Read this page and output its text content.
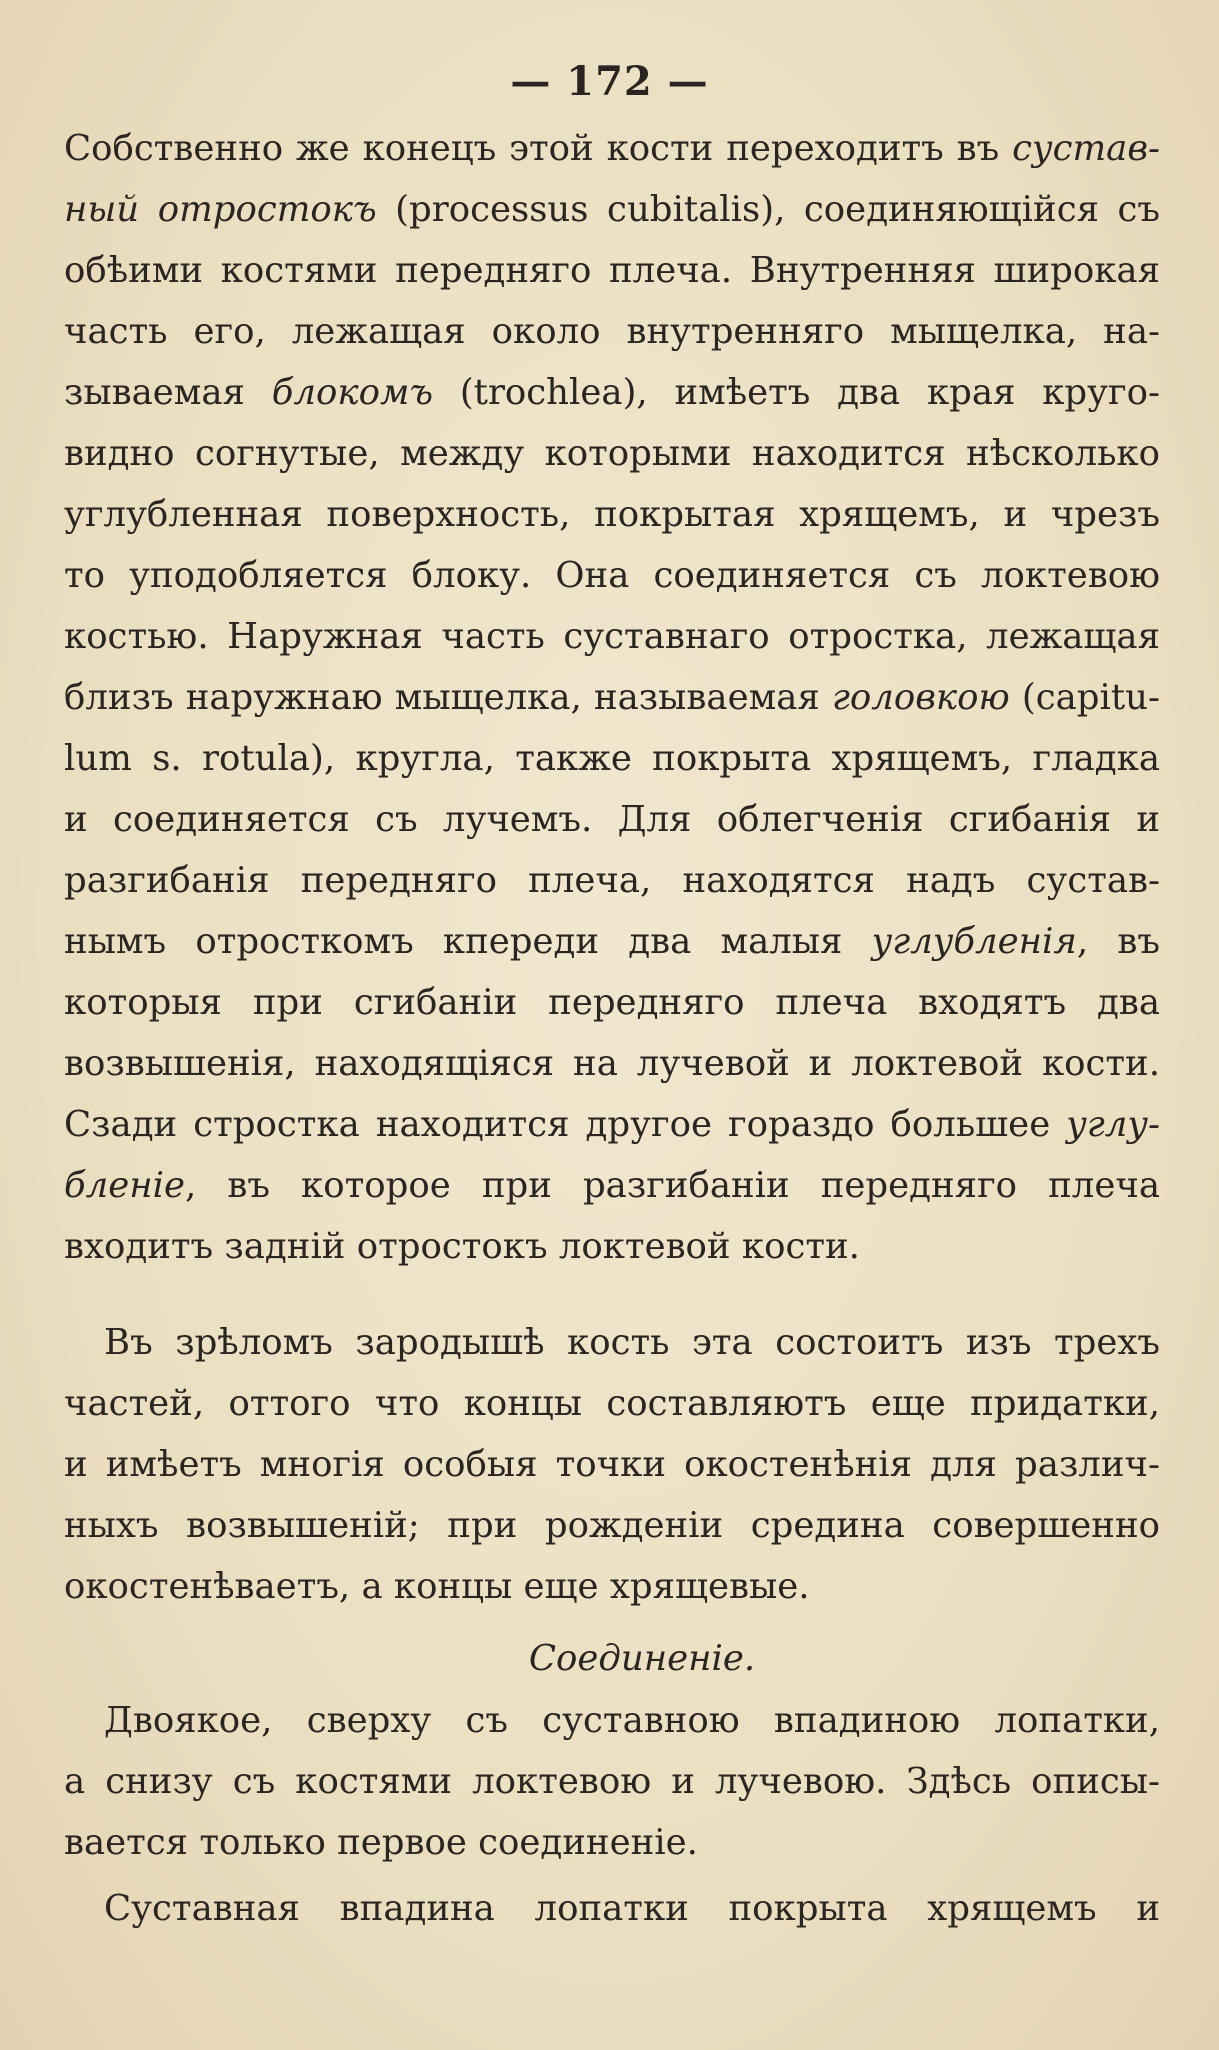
— 172 —
Собственно же конецъ этой кости переходитъ въ сустав-
ный отростокъ (processus cubitalis), соединяющійся съ
обѣими костями передняго плеча. Внутренняя широкая
часть его, лежащая около внутренняго мыщелка, на-
зываемая блокомъ (trochlea), имѣетъ два края круго-
видно согнутые, между которыми находится нѣсколько
углубленная поверхность, покрытая хрящемъ, и чрезъ
то уподобляется блоку. Она соединяется съ локтевою
костью. Наружная часть суставнаго отростка, лежащая
близъ наружнаю мыщелка, называемая головкою (capitu-
lum s. rotula), кругла, также покрыта хрящемъ, гладка
и соединяется съ лучемъ. Для облегченія сгибанія и
разгибанія передняго плеча, находятся надъ сустав-
нымъ отросткомъ кпереди два малыя углубленія, въ
которыя при сгибаніи передняго плеча входятъ два
возвышенія, находящіяся на лучевой и локтевой кости.
Сзади стростка находится другое гораздо большее углу-
бленіе, въ которое при разгибаніи передняго плеча
входитъ задній отростокъ локтевой кости.
Въ зрѣломъ зародышѣ кость эта состоитъ изъ трехъ
частей, оттого что концы составляютъ еще придатки,
и имѣетъ многія особыя точки окостенѣнія для различ-
ныхъ возвышеній; при рожденіи средина совершенно
окостенѣваетъ, а концы еще хрящевые.
Соединеніе.
Двоякое, сверху съ суставною впадиною лопатки,
а снизу съ костями локтевою и лучевою. Здѣсь описы-
вается только первое соединеніе.
Суставная впадина лопатки покрыта хрящемъ и
